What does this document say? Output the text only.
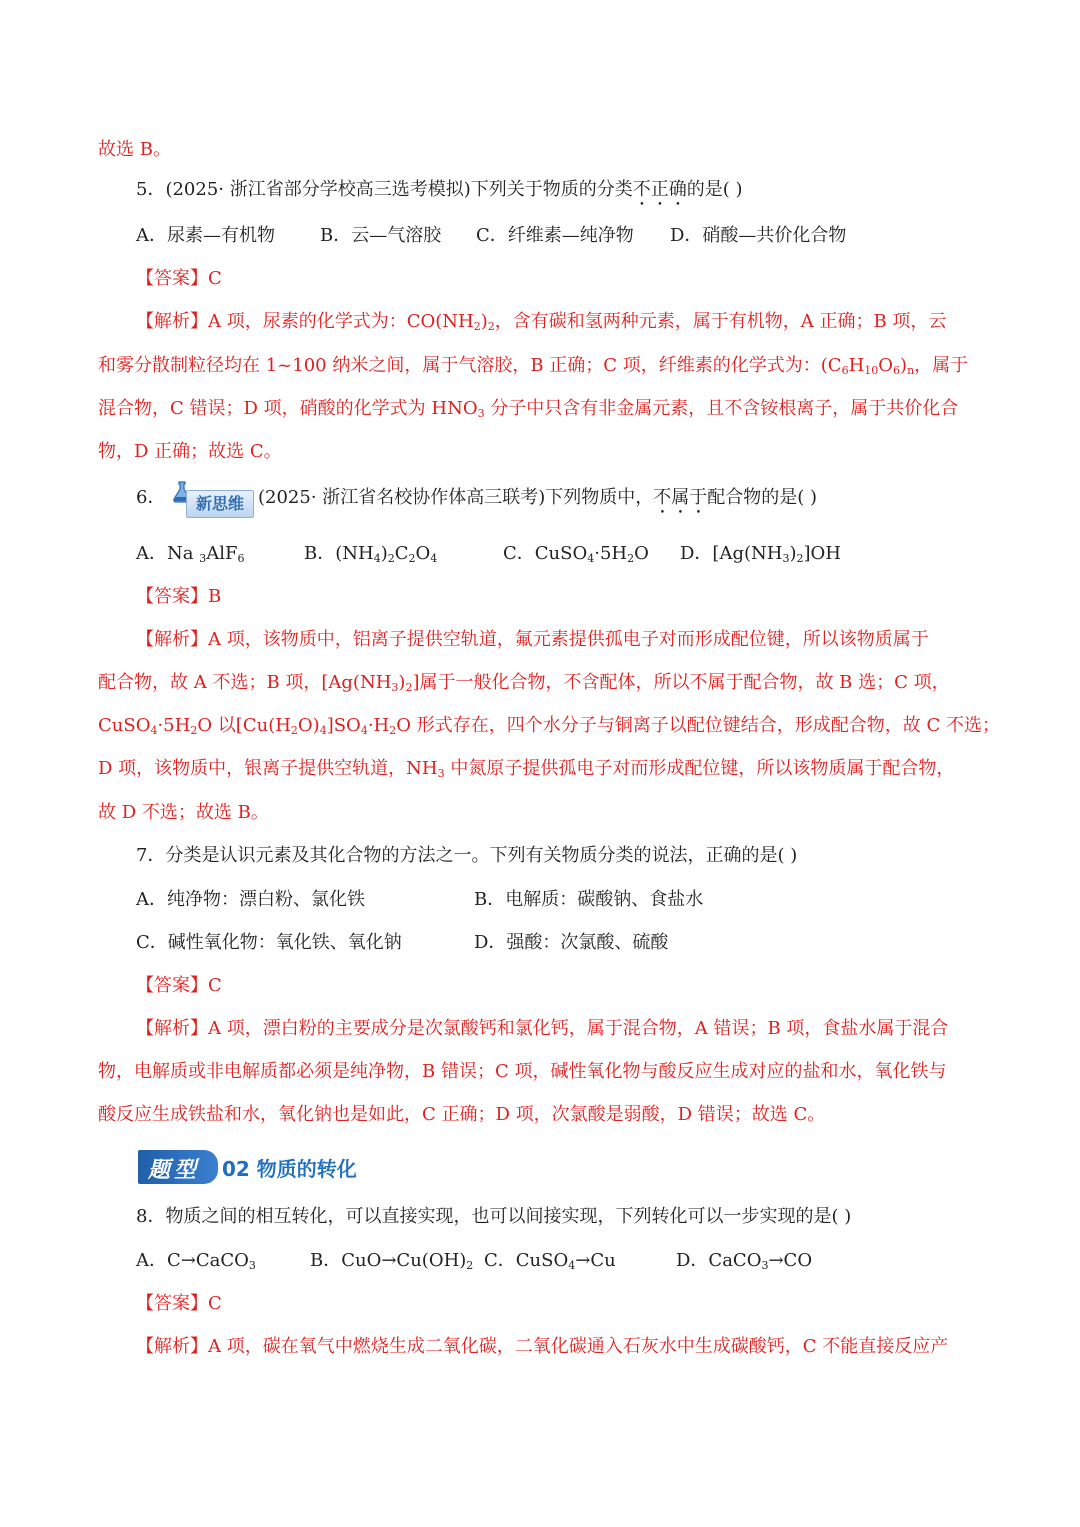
故选 B。
5．(2025· 浙江省部分学校高三选考模拟)下列关于物质的分类不正确的是( )
A．尿素—有机物	B．云—气溶胶 C．纤维素—纯净物 D．硝酸—共价化合物
【答案】C
【解析】A 项，尿素的化学式为：$CO(NH_2)_2$，含有碳和氢两种元素，属于有机物，A 正确；B 项，云
和雾分散制粒径均在 1~100 纳米之间，属于气溶胶，B 正确；C 项，纤维素的化学式为：$(C_6H_{10}O_6)_n$，属于
混合物，C 错误；D 项，硝酸的化学式为 $HNO_3$ 分子中只含有非金属元素，且不含铵根离子，属于共价化合
物，D 正确；故选 C。
6．	新思维 (2025· 浙江省名校协作体高三联考)下列物质中，不属于配合物的是( )
A．Na $_3$AlF$_6$	B．$(NH_4)_2C_2O_4$	C．$CuSO_4\cdot 5H_2O$ D．$[Ag(NH_3)_2]OH$
【答案】B
【解析】A 项，该物质中，铝离子提供空轨道，氟元素提供孤电子对而形成配位键，所以该物质属于
配合物，故 A 不选；B 项，$[Ag(NH_3)_2]$属于一般化合物，不含配体，所以不属于配合物，故 B 选；C 项，
$CuSO_4\cdot 5H_2O$ 以$[Cu(H_2O)_4]SO_4\cdot H_2O$ 形式存在，四个水分子与铜离子以配位键结合，形成配合物，故 C 不选；
D 项，该物质中，银离子提供空轨道，$NH_3$ 中氮原子提供孤电子对而形成配位键，所以该物质属于配合物，
故 D 不选；故选 B。
7．分类是认识元素及其化合物的方法之一。下列有关物质分类的说法，正确的是( )
A．纯净物：漂白粉、氯化铁	B．电解质：碳酸钠、食盐水
C．碱性氧化物：氧化铁、氧化钠	D．强酸：次氯酸、硫酸
【答案】C
【解析】A 项，漂白粉的主要成分是次氯酸钙和氯化钙，属于混合物，A 错误；B 项，食盐水属于混合
物，电解质或非电解质都必须是纯净物，B 错误；C 项，碱性氧化物与酸反应生成对应的盐和水，氧化铁与
酸反应生成铁盐和水，氧化钠也是如此，C 正确；D 项，次氯酸是弱酸，D 错误；故选 C。
题型 02 物质的转化
8．物质之间的相互转化，可以直接实现，也可以间接实现，下列转化可以一步实现的是( )
A．C→CaCO$_3$	B．$CuO\to Cu(OH)_2$ C．CuSO$_4$→Cu	D．CaCO$_3$→CO
【答案】C
【解析】A 项，碳在氧气中燃烧生成二氧化碳，二氧化碳通入石灰水中生成碳酸钙，C 不能直接反应产
